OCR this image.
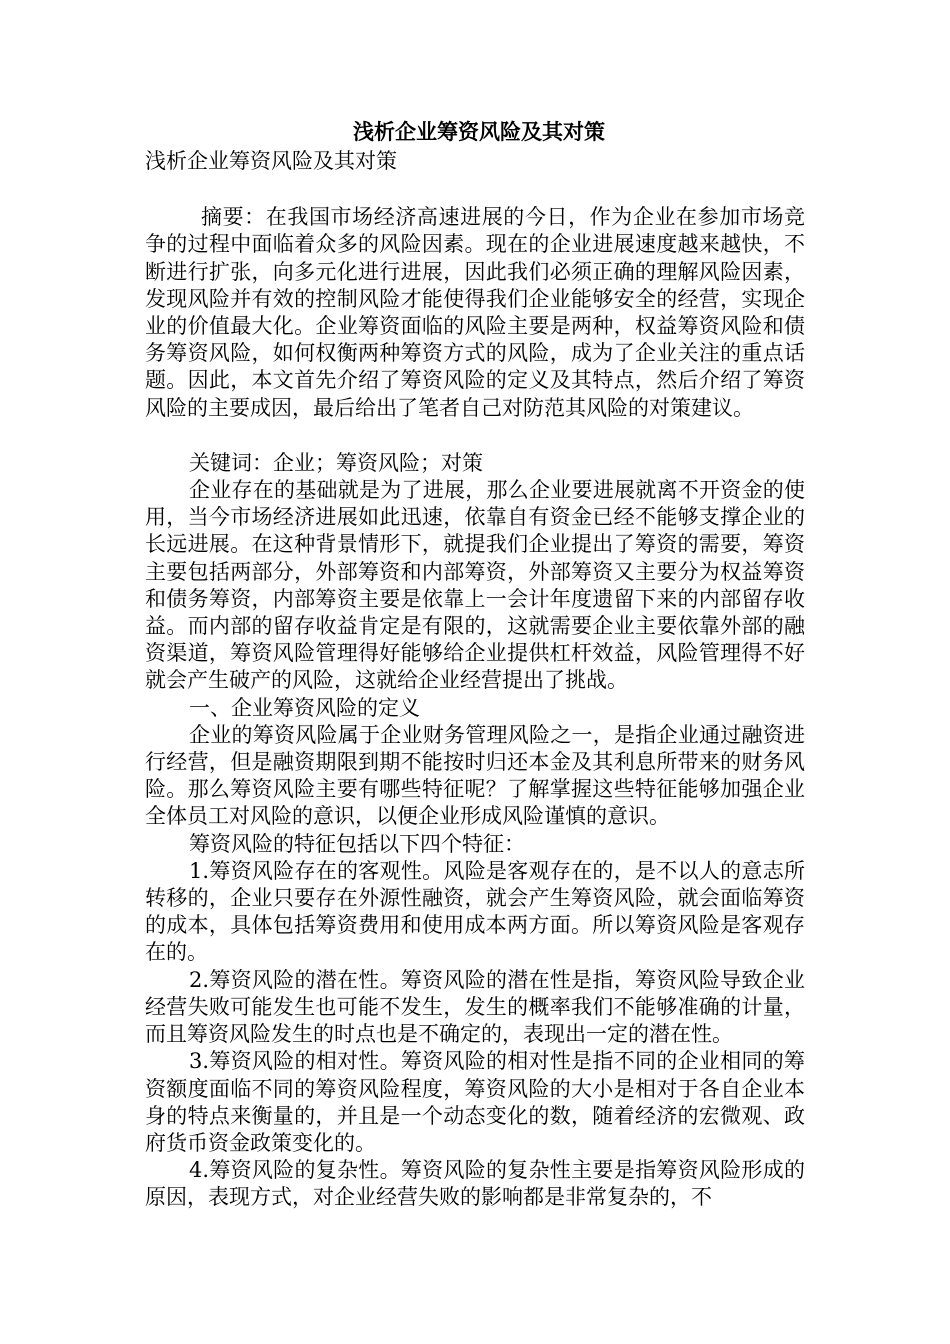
浅析企业筹资风险及其对策

浅析企业筹资风险及其对策

摘要：在我国市场经济高速进展的今日，作为企业在参加市场竞争的过程中面临着众多的风险因素。现在的企业进展速度越来越快，不断进行扩张，向多元化进行进展，因此我们必须正确的理解风险因素，发现风险并有效的控制风险才能使得我们企业能够安全的经营，实现企业的价值最大化。企业筹资面临的风险主要是两种，权益筹资风险和债务筹资风险，如何权衡两种筹资方式的风险，成为了企业关注的重点话题。因此，本文首先介绍了筹资风险的定义及其特点，然后介绍了筹资风险的主要成因，最后给出了笔者自己对防范其风险的对策建议。

关键词：企业；筹资风险；对策

企业存在的基础就是为了进展，那么企业要进展就离不开资金的使用，当今市场经济进展如此迅速，依靠自有资金已经不能够支撑企业的长远进展。在这种背景情形下，就提我们企业提出了筹资的需要，筹资主要包括两部分，外部筹资和内部筹资，外部筹资又主要分为权益筹资和债务筹资，内部筹资主要是依靠上一会计年度遗留下来的内部留存收益。而内部的留存收益肯定是有限的，这就需要企业主要依靠外部的融资渠道，筹资风险管理得好能够给企业提供杠杆效益，风险管理得不好就会产生破产的风险，这就给企业经营提出了挑战。

一、企业筹资风险的定义

企业的筹资风险属于企业财务管理风险之一，是指企业通过融资进行经营，但是融资期限到期不能按时归还本金及其利息所带来的财务风险。那么筹资风险主要有哪些特征呢？了解掌握这些特征能够加强企业全体员工对风险的意识，以便企业形成风险谨慎的意识。

筹资风险的特征包括以下四个特征：

1.筹资风险存在的客观性。风险是客观存在的，是不以人的意志所转移的，企业只要存在外源性融资，就会产生筹资风险，就会面临筹资的成本，具体包括筹资费用和使用成本两方面。所以筹资风险是客观存在的。

2.筹资风险的潜在性。筹资风险的潜在性是指，筹资风险导致企业经营失败可能发生也可能不发生，发生的概率我们不能够准确的计量，而且筹资风险发生的时点也是不确定的，表现出一定的潜在性。

3.筹资风险的相对性。筹资风险的相对性是指不同的企业相同的筹资额度面临不同的筹资风险程度，筹资风险的大小是相对于各自企业本身的特点来衡量的，并且是一个动态变化的数，随着经济的宏微观、政府货币资金政策变化的。

4.筹资风险的复杂性。筹资风险的复杂性主要是指筹资风险形成的原因，表现方式，对企业经营失败的影响都是非常复杂的，不
